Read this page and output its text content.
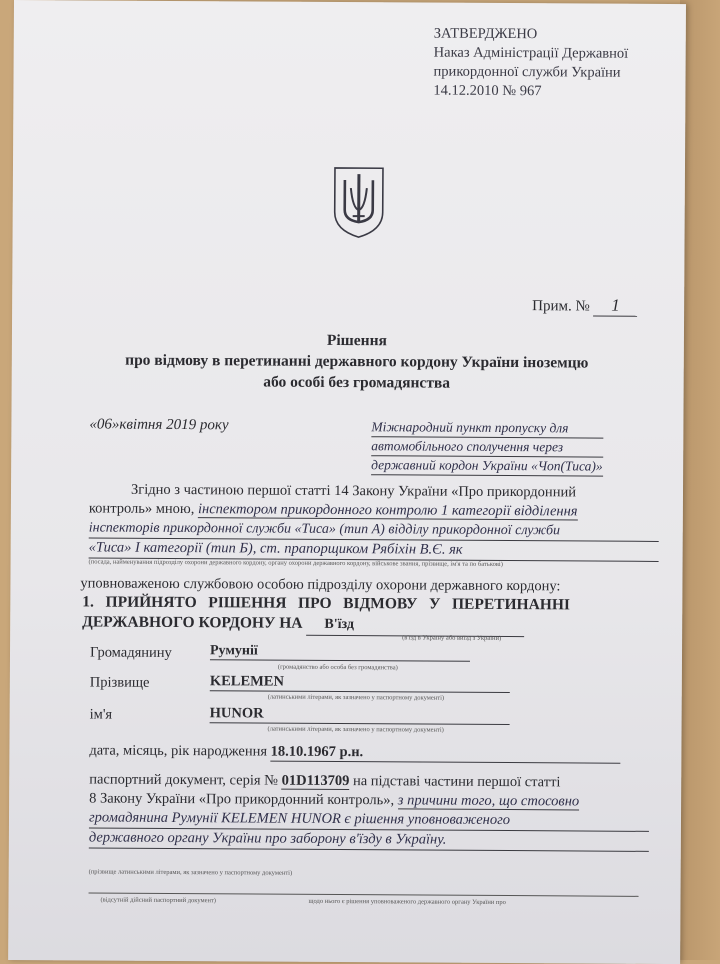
ЗАТВЕРДЖЕНО
Наказ Адміністрації Державної
прикордонної служби України
14.12.2010 № 967
Прим. № 1
Рішення
про відмову в перетинанні державного кордону України іноземцю
або особі без громадянства
«06»квітня 2019 року	Міжнародний пункт пропуску для
автомобільного сполучення через
державний кордон України «Чоп(Тиса)»
Згідно з частиною першої статті 14 Закону України «Про прикордонний
контроль» мною, інспектором прикордонного контролю 1 категорії відділення
інспекторів прикордонної служби «Тиса» (тип А) відділу прикордонної служби
«Тиса» І категорії (тип Б), ст. прапорщиком Рябіхін В.Є. як
(посада, найменування підрозділу охорони державного кордону, органу охорони державного кордону, військове звання, прізвище, ім'я та по батькові)
уповноваженою службовою особою підрозділу охорони державного кордону:
1.   ПРИЙНЯТО   РІШЕННЯ   ПРО   ВІДМОВУ   У   ПЕРЕТИНАННІ
ДЕРЖАВНОГО КОРДОНУ НА В'їзд
(в'їзд в Україну або виїзд з України)
Громадянину	Румунії
(громадянство або особа без громадянства)
Прізвище	KELEMEN
(латинськими літерами, як зазначено у паспортному документі)
ім'я	HUNOR
(латинськими літерами, як зазначено у паспортному документі)
дата, місяць, рік народження 18.10.1967 р.н.
паспортний документ, серія № 01D113709 на підставі частини першої статті
8 Закону України «Про прикордонний контроль», з причини того, що стосовно
громадянина Румунії KELEMEN HUNOR є рішення уповноваженого
державного органу України про заборону в'їзду в Україну.
(прізвище латинськими літерами, як зазначено у паспортному документі)
(відсутній дійсний паспортний документ)	щодо нього є рішення уповноваженого державного органу України про
